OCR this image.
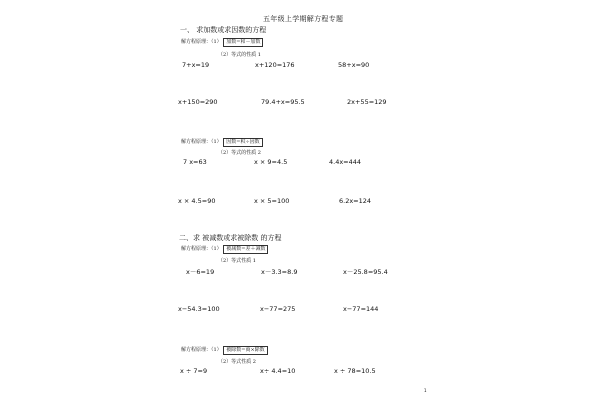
五年级上学期解方程专题
一、 求加数或求因数的方程
解方程原理：（1） 加数=和－加数
（2）等式的性质 1
7+x=19	x+120=176	58+x=90
x+150=290	79.4+x=95.5	2x+55=129
解方程原理：（1） 因数=积÷因数
（2）等式的性质 2
7 x=63	x × 9=4.5	4.4x=444
x × 4.5=90	x × 5=100	6.2x=124
二、求 被减数或求被除数 的方程
解方程原理：（1） 被减数=差＋减数
（2）等式性质 1
x－6=19	x－3.3=8.9	x－25.8=95.4
x−54.3=100	x−77=275	x−77=144
解方程原理：（1） 被除数=商×除数
（2）等式性质 2
x ÷ 7=9	x÷ 4.4=10	x ÷ 78=10.5
1
